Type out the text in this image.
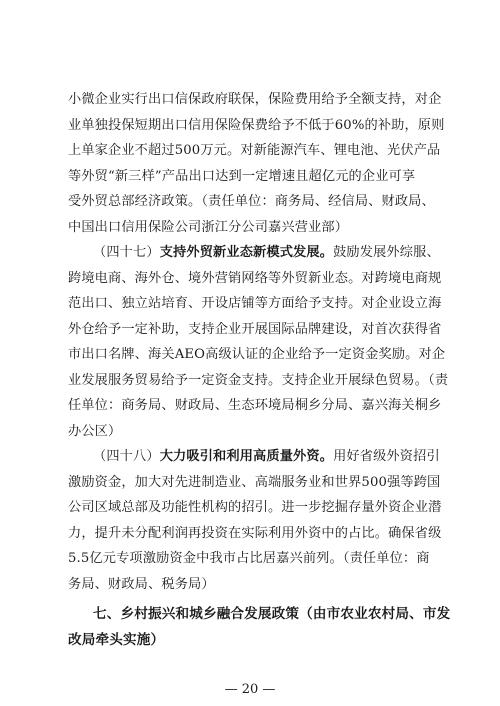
小微企业实行出口信保政府联保，保险费用给予全额支持，对企
业单独投保短期出口信用保险保费给予不低于60%的补助，原则
上单家企业不超过500万元。对新能源汽车、锂电池、光伏产品
等外贸“新三样”产品出口达到一定增速且超亿元的企业可享
受外贸总部经济政策。（责任单位：商务局、经信局、财政局、
中国出口信用保险公司浙江分公司嘉兴营业部）
（四十七）支持外贸新业态新模式发展。鼓励发展外综服、
跨境电商、海外仓、境外营销网络等外贸新业态。对跨境电商规
范出口、独立站培育、开设店铺等方面给予支持。对企业设立海
外仓给予一定补助，支持企业开展国际品牌建设，对首次获得省
市出口名牌、海关AEO高级认证的企业给予一定资金奖励。对企
业发展服务贸易给予一定资金支持。支持企业开展绿色贸易。（责
任单位：商务局、财政局、生态环境局桐乡分局、嘉兴海关桐乡
办公区）
（四十八）大力吸引和利用高质量外资。用好省级外资招引
激励资金，加大对先进制造业、高端服务业和世界500强等跨国
公司区域总部及功能性机构的招引。进一步挖掘存量外资企业潜
力，提升未分配利润再投资在实际利用外资中的占比。确保省级
5.5亿元专项激励资金中我市占比居嘉兴前列。（责任单位：商
务局、财政局、税务局）
七、乡村振兴和城乡融合发展政策（由市农业农村局、市发
改局牵头实施）
— 20 —
